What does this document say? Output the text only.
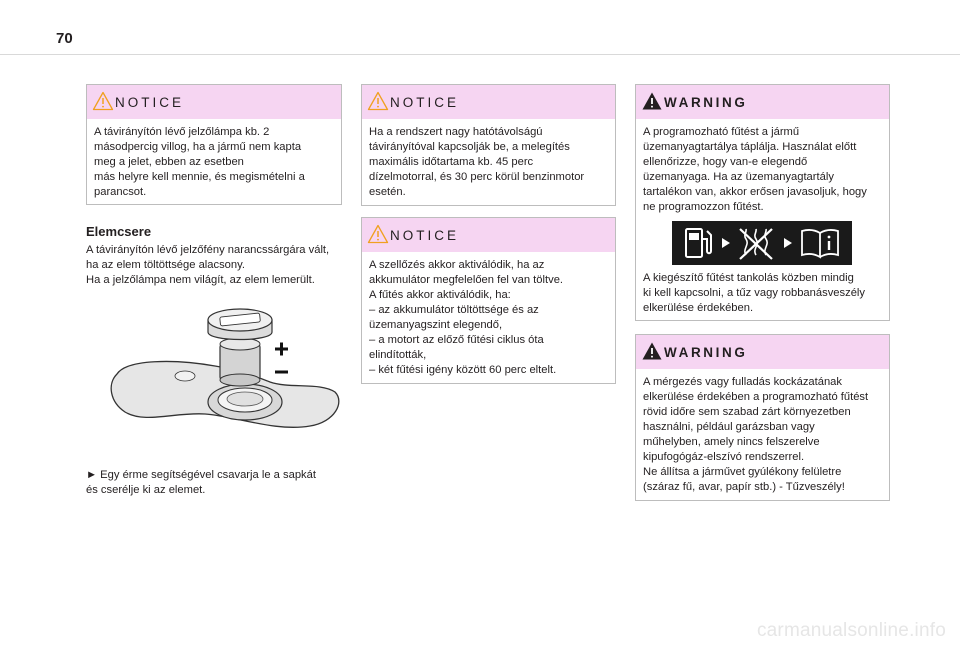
70
NOTICE
A távirányítón lévő jelzőlámpa kb. 2
másodpercig villog, ha a jármű nem kapta
meg a jelet, ebben az esetben
más helyre kell mennie, és megismételni a
parancsot.
Elemcsere
A távirányítón lévő jelzőfény narancssárgára vált,
ha az elem töltöttsége alacsony.
Ha a jelzőlámpa nem világít, az elem lemerült.
► Egy érme segítségével csavarja le a sapkát
és cserélje ki az elemet.
NOTICE
Ha a rendszert nagy hatótávolságú
távirányítóval kapcsolják be, a melegítés
maximális időtartama kb. 45 perc
dízelmotorral, és 30 perc körül benzinmotor
esetén.
NOTICE
A szellőzés akkor aktiválódik, ha az
akkumulátor megfelelően fel van töltve.
A fűtés akkor aktiválódik, ha:
– az akkumulátor töltöttsége és az
üzemanyagszint elegendő,
– a motort az előző fűtési ciklus óta
elindították,
– két fűtési igény között 60 perc eltelt.
WARNING
A programozható fűtést a jármű
üzemanyagtartálya táplálja. Használat előtt
ellenőrizze, hogy van-e elegendő
üzemanyaga. Ha az üzemanyagtartály
tartalékon van, akkor erősen javasoljuk, hogy
ne programozzon fűtést.
A kiegészítő fűtést tankolás közben mindig
ki kell kapcsolni, a tűz vagy robbanásveszély
elkerülése érdekében.
WARNING
A mérgezés vagy fulladás kockázatának
elkerülése érdekében a programozható fűtést
rövid időre sem szabad zárt környezetben
használni, például garázsban vagy
műhelyben, amely nincs felszerelve
kipufogógáz-elszívó rendszerrel.
Ne állítsa a járművet gyúlékony felületre
(száraz fű, avar, papír stb.) - Tűzveszély!
carmanualsonline.info
